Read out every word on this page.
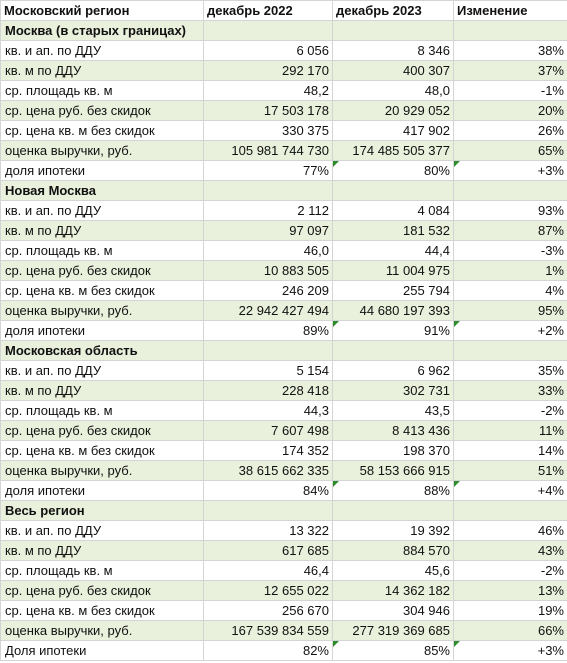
Московский регион	декабрь 2022	декабрь 2023	Изменение
Москва (в старых границах)			
кв. и ап. по ДДУ	6 056	8 346	38%
кв. м по ДДУ	292 170	400 307	37%
ср. площадь кв. м	48,2	48,0	-1%
ср. цена руб. без скидок	17 503 178	20 929 052	20%
ср. цена кв. м без скидок	330 375	417 902	26%
оценка выручки, руб.	105 981 744 730	174 485 505 377	65%
доля ипотеки	77%	80%	+3%
Новая Москва			
кв. и ап. по ДДУ	2 112	4 084	93%
кв. м по ДДУ	97 097	181 532	87%
ср. площадь кв. м	46,0	44,4	-3%
ср. цена руб. без скидок	10 883 505	11 004 975	1%
ср. цена кв. м без скидок	246 209	255 794	4%
оценка выручки, руб.	22 942 427 494	44 680 197 393	95%
доля ипотеки	89%	91%	+2%
Московская область			
кв. и ап. по ДДУ	5 154	6 962	35%
кв. м по ДДУ	228 418	302 731	33%
ср. площадь кв. м	44,3	43,5	-2%
ср. цена руб. без скидок	7 607 498	8 413 436	11%
ср. цена кв. м без скидок	174 352	198 370	14%
оценка выручки, руб.	38 615 662 335	58 153 666 915	51%
доля ипотеки	84%	88%	+4%
Весь регион			
кв. и ап. по ДДУ	13 322	19 392	46%
кв. м по ДДУ	617 685	884 570	43%
ср. площадь кв. м	46,4	45,6	-2%
ср. цена руб. без скидок	12 655 022	14 362 182	13%
ср. цена кв. м без скидок	256 670	304 946	19%
оценка выручки, руб.	167 539 834 559	277 319 369 685	66%
Доля ипотеки	82%	85%	+3%
